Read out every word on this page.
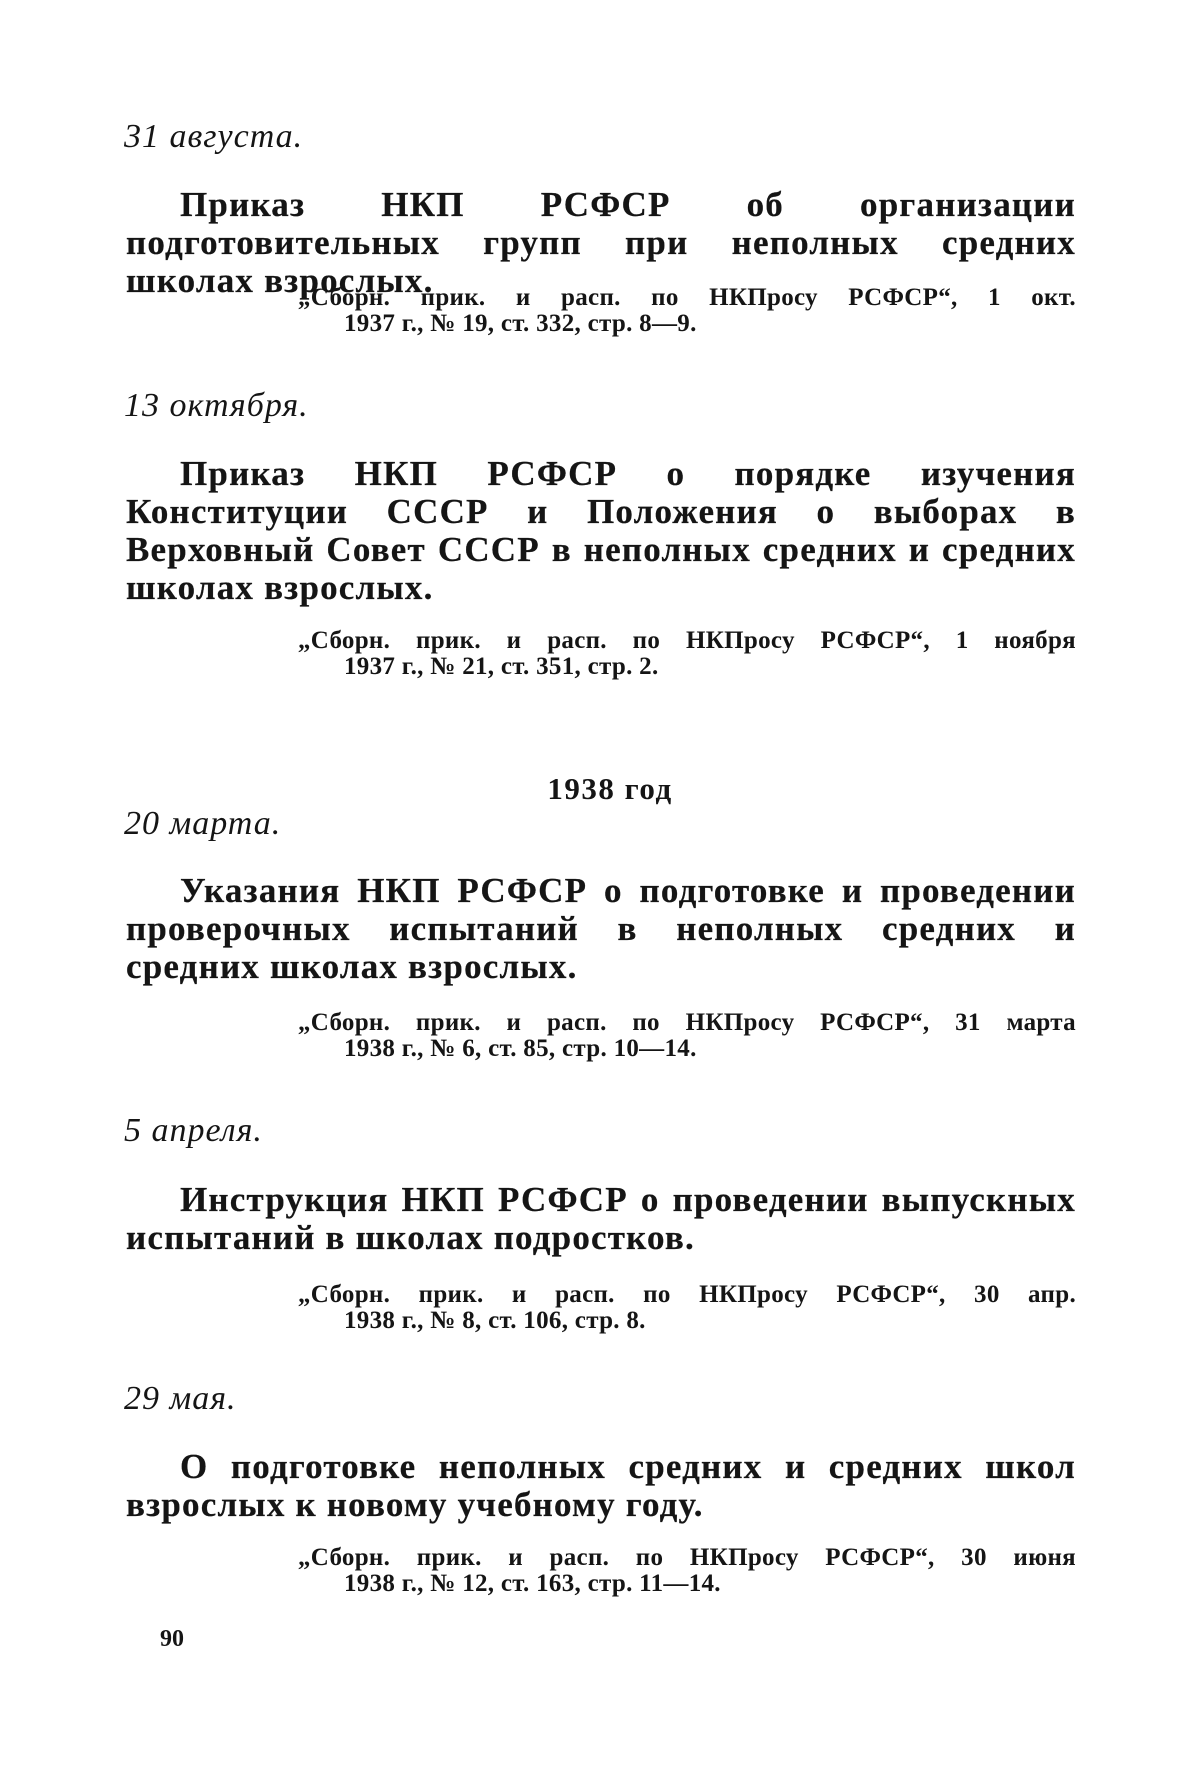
31 августа.
Приказ НКП РСФСР об организации подготовительных групп при неполных средних школах взрослых.
„Сборн. прик. и расп. по НКПросу РСФСР“, 1 окт.
1937 г., № 19, ст. 332, стр. 8—9.
13 октября.
Приказ НКП РСФСР о порядке изучения Конституции СССР и Положения о выборах в Верховный Совет СССР в неполных средних и средних школах взрослых.
„Сборн. прик. и расп. по НКПросу РСФСР“, 1 ноября
1937 г., № 21, ст. 351, стр. 2.
1938 год
20 марта.
Указания НКП РСФСР о подготовке и проведении проверочных испытаний в неполных средних и средних школах взрослых.
„Сборн. прик. и расп. по НКПросу РСФСР“, 31 марта
1938 г., № 6, ст. 85, стр. 10—14.
5 апреля.
Инструкция НКП РСФСР о проведении выпускных испытаний в школах подростков.
„Сборн. прик. и расп. по НКПросу РСФСР“, 30 апр.
1938 г., № 8, ст. 106, стр. 8.
29 мая.
О подготовке неполных средних и средних школ взрослых к новому учебному году.
„Сборн. прик. и расп. по НКПросу РСФСР“, 30 июня
1938 г., № 12, ст. 163, стр. 11—14.
90
